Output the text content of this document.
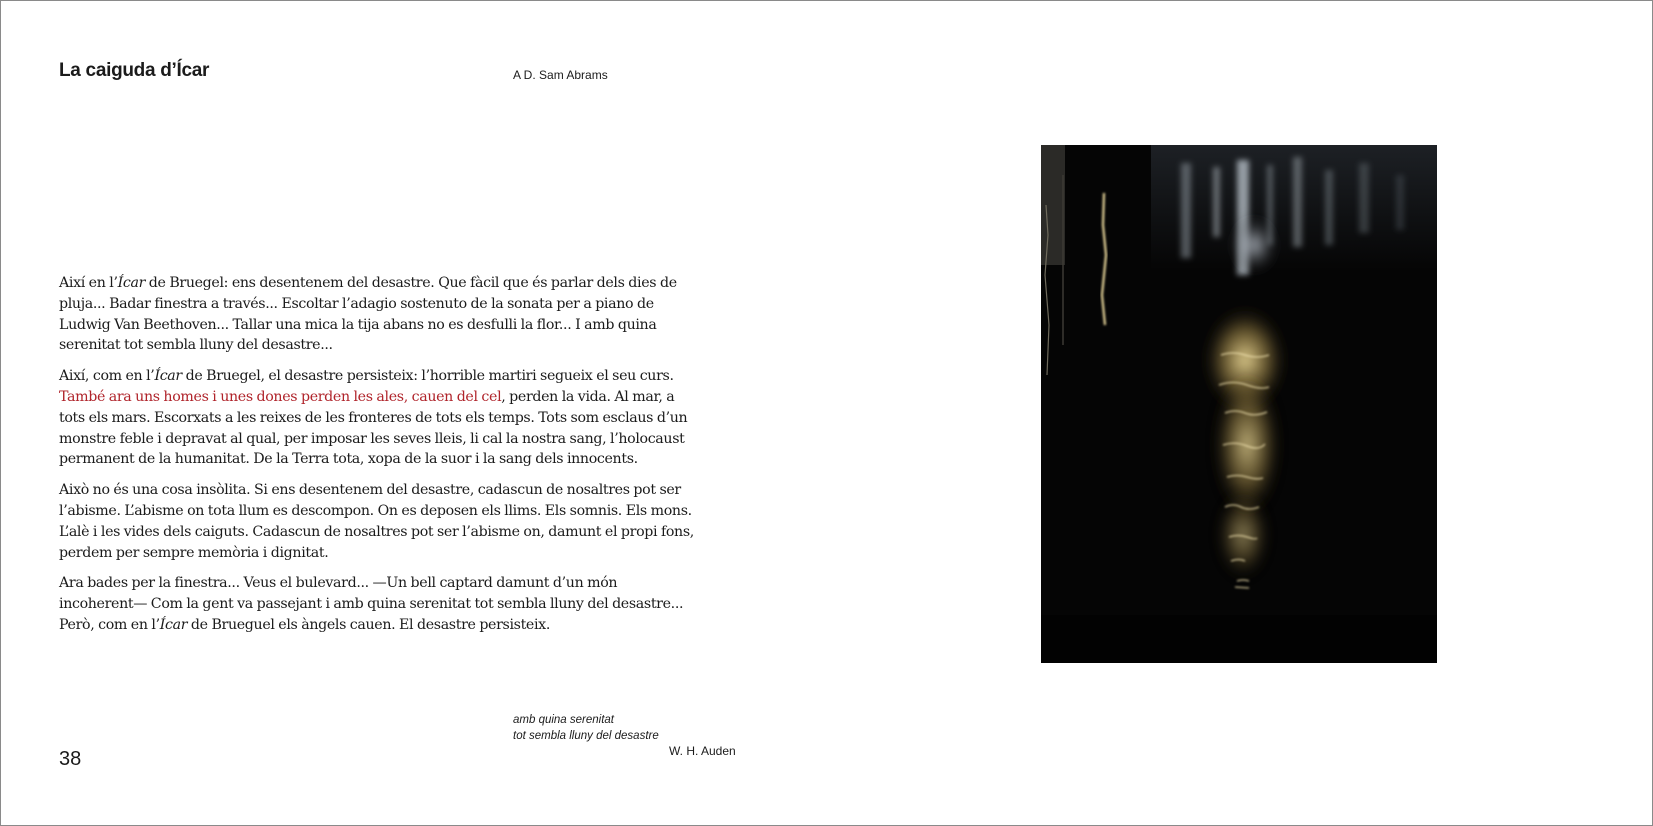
La caiguda d’Ícar	A D. Sam Abrams

Així en l’Ícar de Bruegel: ens desentenem del desastre. Que fàcil que és parlar dels dies de pluja... Badar finestra a través... Escoltar l’adagio sostenuto de la sonata per a piano de Ludwig Van Beethoven... Tallar una mica la tija abans no es desfulli la flor... I amb quina serenitat tot sembla lluny del desastre...

Així, com en l’Ícar de Bruegel, el desastre persisteix: l’horrible martiri segueix el seu curs.
També ara uns homes i unes dones perden les ales, cauen del cel, perden la vida. Al mar, a tots els mars. Escorxats a les reixes de les fronteres de tots els temps. Tots som esclaus d’un monstre feble i depravat al qual, per imposar les seves lleis, li cal la nostra sang, l’holocaust permanent de la humanitat. De la Terra tota, xopa de la suor i la sang dels innocents.

Això no és una cosa insòlita. Si ens desentenem del desastre, cadascun de nosaltres pot ser l’abisme. L’abisme on tota llum es descompon. On es deposen els llims. Els somnis. Els mons. L’alè i les vides dels caiguts. Cadascun de nosaltres pot ser l’abisme on, damunt el propi fons, perdem per sempre memòria i dignitat.

Ara bades per la finestra... Veus el bulevard... —Un bell captard damunt d’un món incoherent— Com la gent va passejant i amb quina serenitat tot sembla lluny del desastre... Però, com en l’Ícar de Brueguel els àngels cauen. El desastre persisteix.

amb quina serenitat
tot sembla lluny del desastre
W. H. Auden
38
